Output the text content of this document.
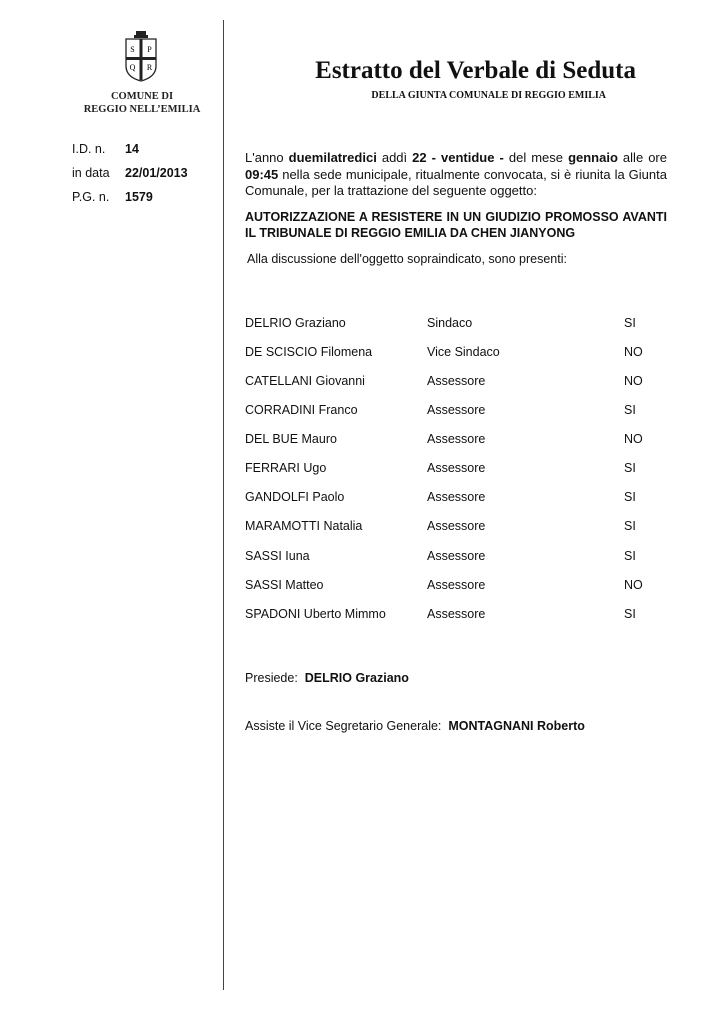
S P
Q R
COMUNE DI
REGGIO NELL’EMILIA
Estratto del Verbale di Seduta
DELLA GIUNTA COMUNALE DI REGGIO EMILIA
I.D. n. 14
in data 22/01/2013
P.G. n. 1579
L'anno duemilatredici addì 22 - ventidue - del mese gennaio alle ore 09:45 nella sede municipale, ritualmente convocata, si è riunita la Giunta Comunale, per la trattazione del seguente oggetto:
AUTORIZZAZIONE A RESISTERE IN UN GIUDIZIO PROMOSSO AVANTI IL TRIBUNALE DI REGGIO EMILIA DA CHEN JIANYONG
Alla discussione dell'oggetto sopraindicato, sono presenti:
DELRIO Graziano	Sindaco	SI
DE SCISCIO Filomena	Vice Sindaco	NO
CATELLANI Giovanni	Assessore	NO
CORRADINI Franco	Assessore	SI
DEL BUE Mauro	Assessore	NO
FERRARI Ugo	Assessore	SI
GANDOLFI Paolo	Assessore	SI
MARAMOTTI Natalia	Assessore	SI
SASSI Iuna	Assessore	SI
SASSI Matteo	Assessore	NO
SPADONI Uberto Mimmo	Assessore	SI
Presiede: DELRIO Graziano
Assiste il Vice Segretario Generale: MONTAGNANI Roberto
